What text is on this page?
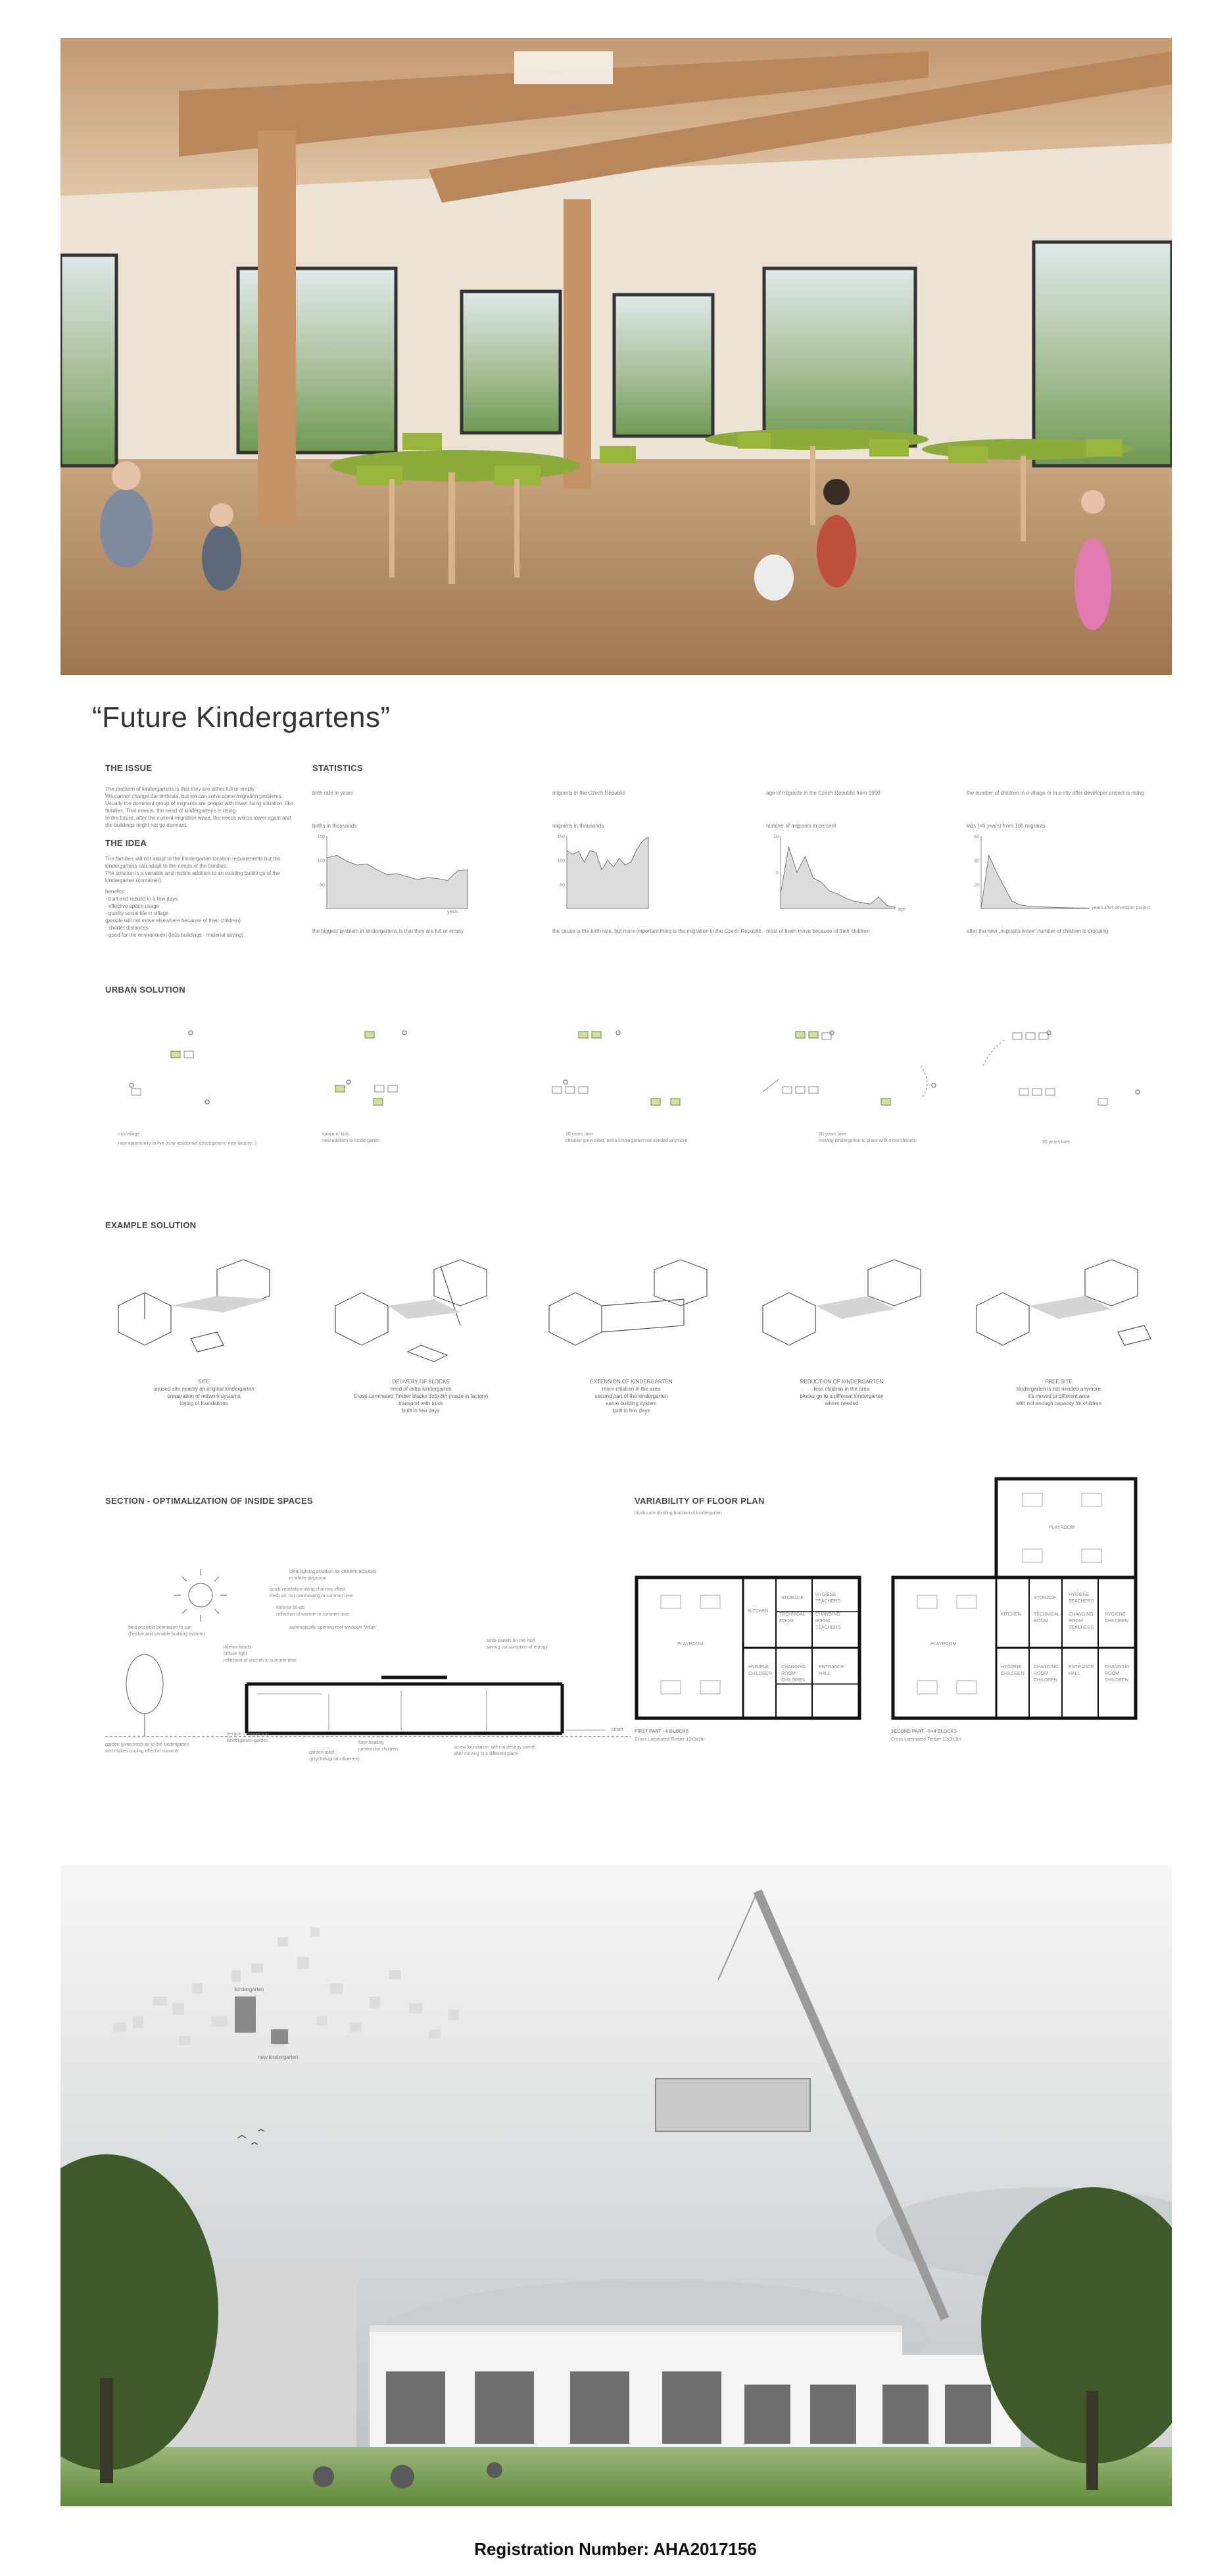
“Future Kindergartens”
THE ISSUE
The problem of kindergartens is that they are either full or empty.
We cannot change the birthrate, but we can solve some migration problems.
Usually the dominant group of migrants are people with lower living situation, like
families. That means, the need of kindergartens is rising.
In the future, after the current migration wave, the needs will be lower again and
the buildings might not go dormant.
THE IDEA
The families will not adapt to the kindergarten location requirements but the
kindergartens can adapt to the needs of the families.
The solution is a variable and mobile addition to an existing buildings of the
kindergarten (container).
benefits:
- built and rebuild in a few days
- effective space usage
- quality social life in village
(people will not move elsewhere because of their children)
- shorter distances
- good for the environment (less buildings - material saving)
STATISTICS
birth rate in years
births in thousands
the biggest problem in kindergartens is that they are full or empty
150
100
50
years
migrants in the Czech Republic
migrants in thousands
the cause is the birth rate, but more important thing is the migration in the Czech Republic
150
100
50
age of migrants in the Czech Republic from 1990
number of migrants in percent
most of them move because of their children
10
5
age
the number of children in a village or in a city after developer project is rising
kids (<6 years) from 100 migrants
after the new „migrants wave“ number of children is dropping
60
40
20
years after developer project
URBAN SOLUTION
city/village
new opportunity to live (new residential development, new factory...)
space of kids
new addition to kindergarten
10 years later
children grew older, extra kindergarten not needed anymore
20 years later
moving kindergarten to place with more children	30 years later
EXAMPLE SOLUTION
SITE
unused site nearby an original kindergarten
preparation of network systems
laying of foundations
DELIVERY OF BLOCKS
need of extra kindergarten
Cross Laminated Timber blocks 3x5x3m (made in factory)
transport with truck
built in few days
EXTENSION OF KINDERGARTEN
more children in the area
second part of the kindergarten
same building system
built in few days
REDUCTION OF KINDERGARTEN
less children in the area
blocks go to a different kindergarten
where needed
FREE SITE
kindergarten is not needed anymore
it's moved to different area
with not enough capacity for children
SECTION - OPTIMALIZATION OF INSIDE SPACES
ideal lighting situation for children activities
in whole playroom
quick ventilation using chimney effect
fresh air, not overheating in summer time
exterior blinds
reflection of warmth in summer time
automatically opening roof windows 'Velux'
interior blinds
diffuse light
reflection of warmth in summer time
best possible orientation to sun
(flexible and variable building system)
solar panels on the roof
saving consumption of energy
garden gives fresh air to the kindergarten
and makes cooling effect in summer
terrace = connection
kindergarten-garden
garden toilet
(psychological influence)
floor heating
comfort for children	screw foundation: will not destroy parcel
after moving to a different place
street
VARIABILITY OF FLOOR PLAN
blocks are dividing function of kindergarten
PLAYROOM
KITCHEN
STORAGE
TECHNICAL ROOM
HYGIENE TEACHERS
CHANGING ROOM TEACHERS
HYGIENE CHILDREN
CHANGING ROOM CHILDREN
ENTRANCE HALL
FIRST PART - 6 BLOCKS
Cross Laminated Timber 12x3x3m
PLAYROOM
PLAYROOM
KITCHEN
STORAGE
HYGIENE TEACHERS
TECHNICAL ROOM
CHANGING ROOM TEACHERS
HYGIENE CHILDREN
HYGIENE CHILDREN
CHANGING ROOM CHILDREN
ENTRANCE HALL
CHANGING ROOM CHILDREN
SECOND PART - 6+4 BLOCKS
Cross Laminated Timber 12x3x3m
kindergarten
new kindergarten
Registration Number: AHA2017156
